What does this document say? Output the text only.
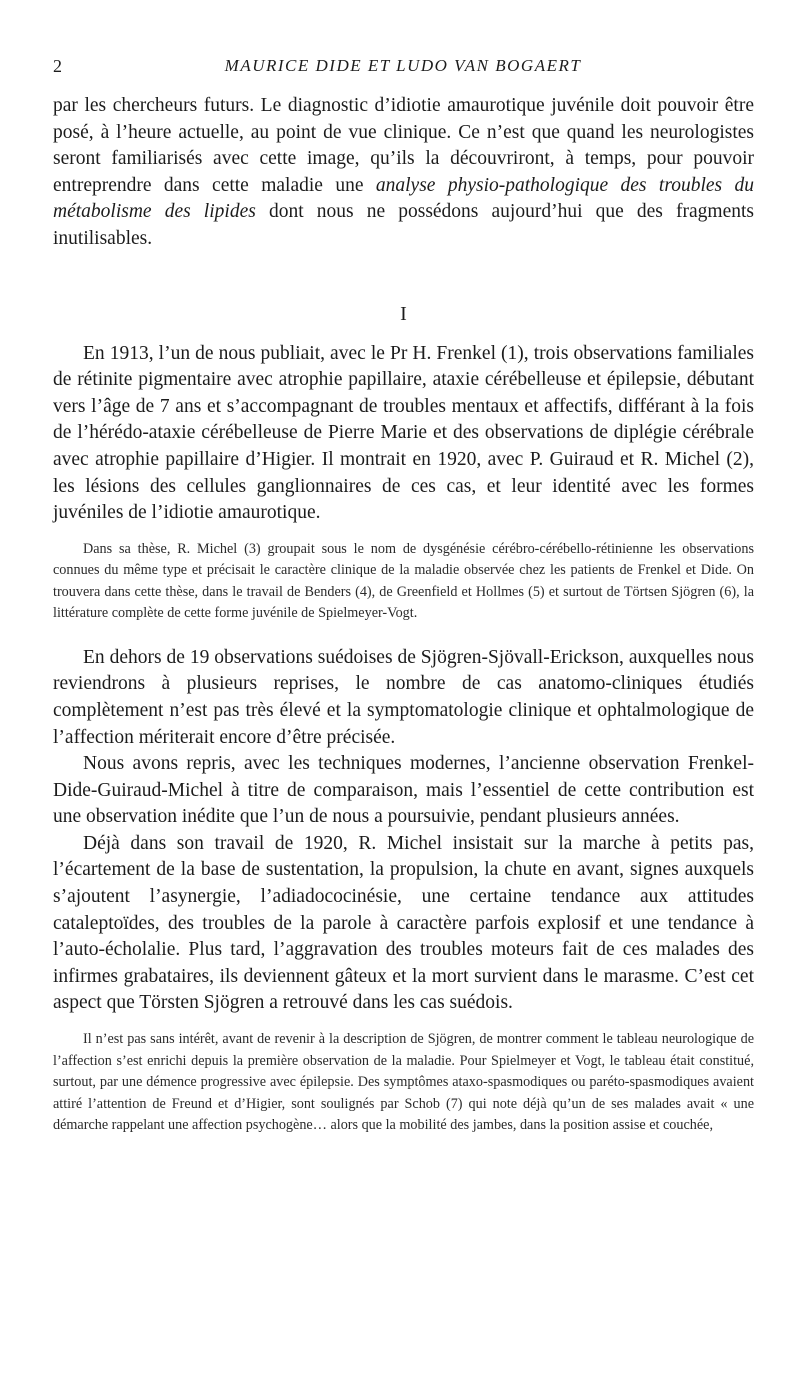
2	MAURICE DIDE ET LUDO VAN BOGAERT

par les chercheurs futurs. Le diagnostic d’idiotie amaurotique juvénile doit pouvoir être posé, à l’heure actuelle, au point de vue clinique. Ce n’est que quand les neurologistes seront familiarisés avec cette image, qu’ils la découvriront, à temps, pour pouvoir entreprendre dans cette maladie une analyse physio-pathologique des troubles du métabolisme des lipides dont nous ne possédons aujourd’hui que des fragments inutilisables.

I

En 1913, l’un de nous publiait, avec le Pr H. Frenkel (1), trois observations familiales de rétinite pigmentaire avec atrophie papillaire, ataxie cérébelleuse et épilepsie, débutant vers l’âge de 7 ans et s’accompagnant de troubles mentaux et affectifs, différant à la fois de l’hérédo-ataxie cérébelleuse de Pierre Marie et des observations de diplégie cérébrale avec atrophie papillaire d’Higier. Il montrait en 1920, avec P. Guiraud et R. Michel (2), les lésions des cellules ganglionnaires de ces cas, et leur identité avec les formes juvéniles de l’idiotie amaurotique.

Dans sa thèse, R. Michel (3) groupait sous le nom de dysgénésie cérébro-cérébello-rétinienne les observations connues du même type et précisait le caractère clinique de la maladie observée chez les patients de Frenkel et Dide. On trouvera dans cette thèse, dans le travail de Benders (4), de Greenfield et Hollmes (5) et surtout de Törtsen Sjögren (6), la littérature complète de cette forme juvénile de Spielmeyer-Vogt.

En dehors de 19 observations suédoises de Sjögren-Sjövall-Erickson, auxquelles nous reviendrons à plusieurs reprises, le nombre de cas anatomo-cliniques étudiés complètement n’est pas très élevé et la symptomatologie clinique et ophtalmologique de l’affection mériterait encore d’être précisée.

Nous avons repris, avec les techniques modernes, l’ancienne observation Frenkel-Dide-Guiraud-Michel à titre de comparaison, mais l’essentiel de cette contribution est une observation inédite que l’un de nous a poursuivie, pendant plusieurs années.

Déjà dans son travail de 1920, R. Michel insistait sur la marche à petits pas, l’écartement de la base de sustentation, la propulsion, la chute en avant, signes auxquels s’ajoutent l’asynergie, l’adiadococinésie, une certaine tendance aux attitudes cataleptoïdes, des troubles de la parole à caractère parfois explosif et une tendance à l’auto-écholalie. Plus tard, l’aggravation des troubles moteurs fait de ces malades des infirmes grabataires, ils deviennent gâteux et la mort survient dans le marasme. C’est cet aspect que Törsten Sjögren a retrouvé dans les cas suédois.

Il n’est pas sans intérêt, avant de revenir à la description de Sjögren, de montrer comment le tableau neurologique de l’affection s’est enrichi depuis la première observation de la maladie. Pour Spielmeyer et Vogt, le tableau était constitué, surtout, par une démence progressive avec épilepsie. Des symptômes ataxo-spasmodiques ou paréto-spasmodiques avaient attiré l’attention de Freund et d’Higier, sont soulignés par Schob (7) qui note déjà qu’un de ses malades avait « une démarche rappelant une affection psychogène… alors que la mobilité des jambes, dans la position assise et couchée,
